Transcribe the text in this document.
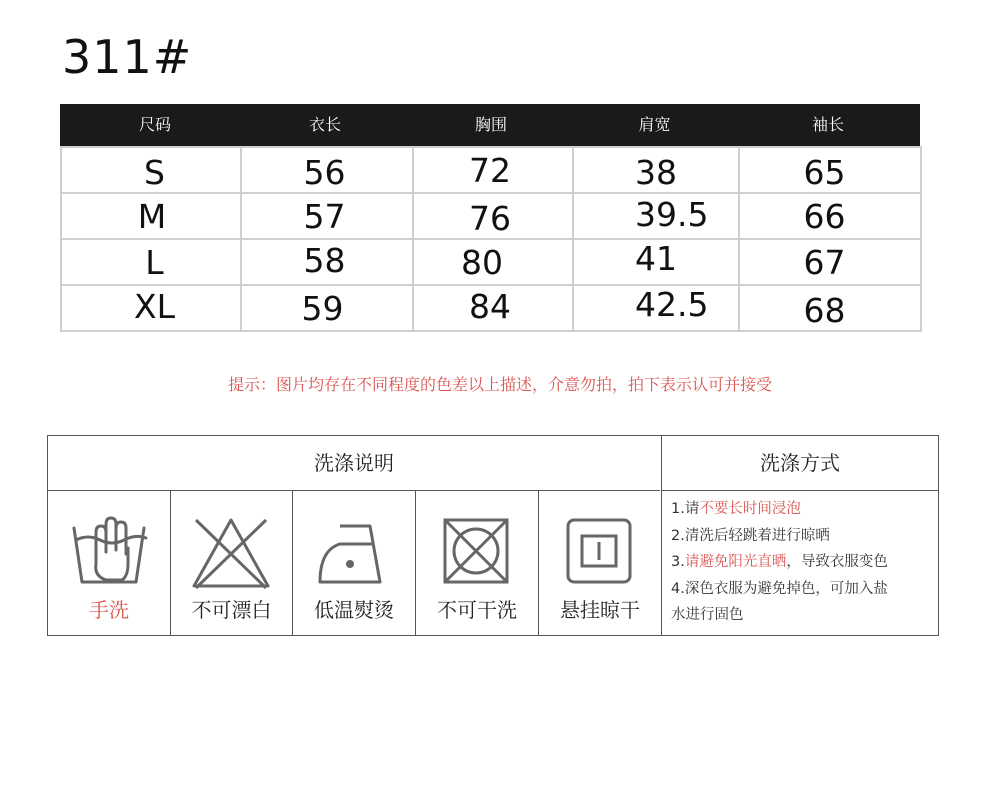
311#
尺码	衣长	胸围	肩宽	袖长
S	56	72	38	65
M	57	76	39.5	66
L	58	80	41	67
XL	59	84	42.5	68
提示：图片均存在不同程度的色差以上描述，介意勿拍，拍下表示认可并接受
洗涤说明	洗涤方式
手洗	不可漂白	低温熨烫	不可干洗	悬挂晾干

1.请不要长时间浸泡

2.清洗后轻跳着进行晾晒

3.请避免阳光直晒，导致衣服变色

4.深色衣服为避免掉色，可加入盐

水进行固色
